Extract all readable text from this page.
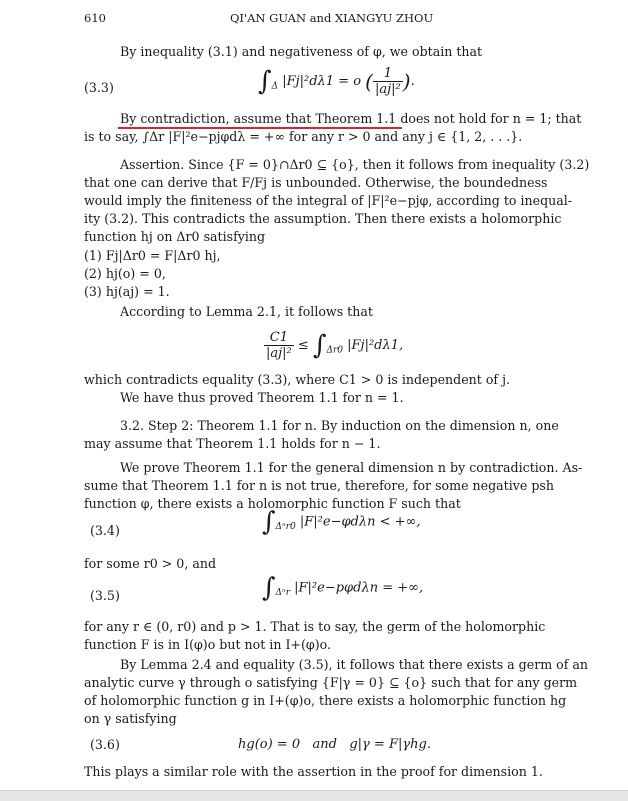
610	QI'AN GUAN and XIANGYU ZHOU
By inequality (3.1) and negativeness of φ, we obtain that
(3.3)	$\int_\Delta$ |Fj|²dλ1 = o ( $\frac{1}{\text{|aj|²}}$ ).
By contradiction, assume that Theorem 1.1 does not hold for n = 1; that
is to say, ∫Δr |F|²e−pjφdλ = +∞ for any r > 0 and any j ∈ {1, 2, . . .}.
Assertion. Since {F = 0}∩Δr0 ⊆ {o}, then it follows from inequality (3.2)
that one can derive that F/Fj is unbounded. Otherwise, the boundedness
would imply the finiteness of the integral of |F|²e−pjφ, according to inequal-
ity (3.2). This contradicts the assumption. Then there exists a holomorphic
function hj on Δr0 satisfying
(1) Fj|Δr0 = F|Δr0 hj,
(2) hj(o) = 0,
(3) hj(aj) = 1.
According to Lemma 2.1, it follows that
$\frac{C1}{\text{|aj|²}} \le \int_{\Delta r0}$ |Fj|²dλ1,
which contradicts equality (3.3), where C1 > 0 is independent of j.
We have thus proved Theorem 1.1 for n = 1.
3.2. Step 2: Theorem 1.1 for n. By induction on the dimension n, one
may assume that Theorem 1.1 holds for n − 1.
We prove Theorem 1.1 for the general dimension n by contradiction. As-
sume that Theorem 1.1 for n is not true, therefore, for some negative psh
function φ, there exists a holomorphic function F such that
(3.4)	$\int_{\Delta^nr0}$ |F|²e−φdλn < +∞,
for some r0 > 0, and
(3.5)	$\int_{\Delta^nr}$ |F|²e−pφdλn = +∞,
for any r ∈ (0, r0) and p > 1. That is to say, the germ of the holomorphic
function F is in I(φ)o but not in I+(φ)o.
By Lemma 2.4 and equality (3.5), it follows that there exists a germ of an
analytic curve γ through o satisfying {F|γ = 0} ⊆ {o} such that for any germ
of holomorphic function g in I+(φ)o, there exists a holomorphic function hg
on γ satisfying
(3.6)	hg(o) = 0   and   g|γ = F|γhg.
This plays a similar role with the assertion in the proof for dimension 1.
